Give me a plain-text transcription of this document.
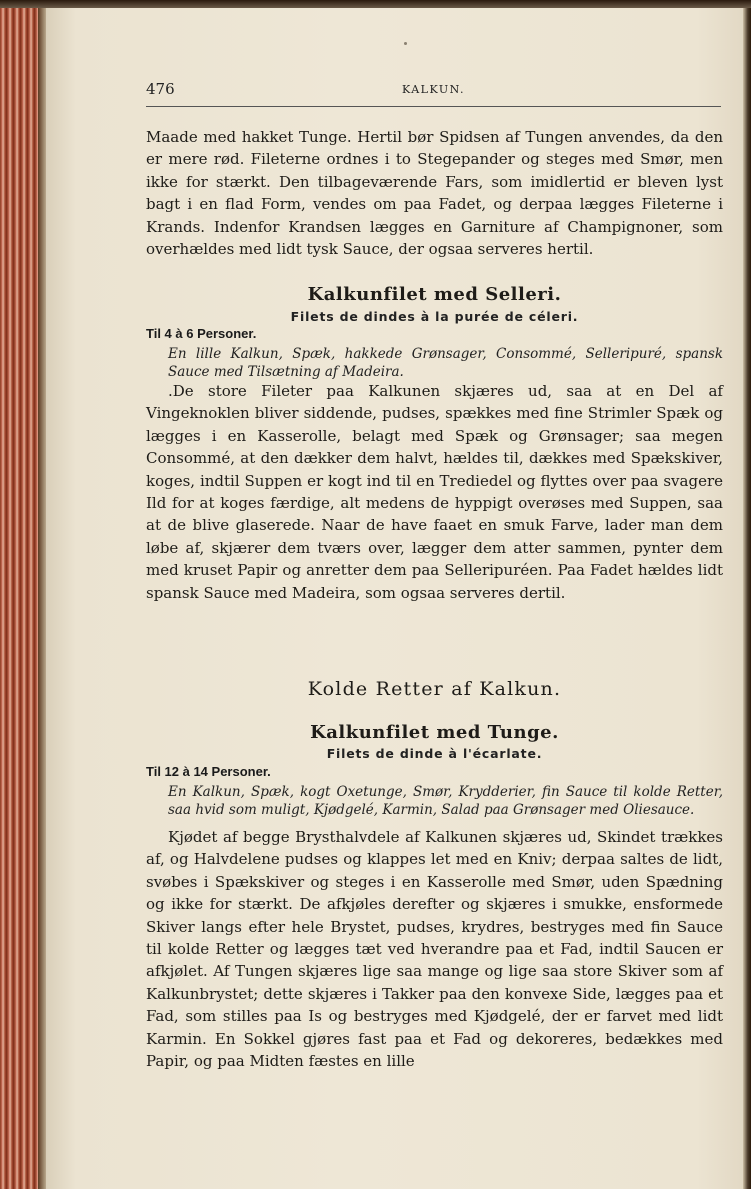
476	KALKUN.

Maade med hakket Tunge. Hertil bør Spidsen af Tungen anvendes, da den er mere rød. Fileterne ordnes i to Stegepander og steges med Smør, men ikke for stærkt. Den tilbageværende Fars, som imidlertid er bleven lyst bagt i en flad Form, vendes om paa Fadet, og derpaa lægges Fileterne i Krands. Indenfor Krandsen lægges en Garniture af Champignoner, som overhældes med lidt tysk Sauce, der ogsaa serveres hertil.

Kalkunfilet med Selleri.
Filets de dindes à la purée de céleri.
Til 4 à 6 Personer.

En lille Kalkun, Spæk, hakkede Grønsager, Consommé, Selleripuré, spansk Sauce med Tilsætning af Madeira.

.De store Fileter paa Kalkunen skjæres ud, saa at en Del af Vingeknoklen bliver siddende, pudses, spækkes med fine Strimler Spæk og lægges i en Kasserolle, belagt med Spæk og Grønsager; saa megen Consommé, at den dækker dem halvt, hældes til, dækkes med Spækskiver, koges, indtil Suppen er kogt ind til en Trediedel og flyttes over paa svagere Ild for at koges færdige, alt medens de hyppigt overøses med Suppen, saa at de blive glaserede. Naar de have faaet en smuk Farve, lader man dem løbe af, skjærer dem tværs over, lægger dem atter sammen, pynter dem med kruset Papir og anretter dem paa Selleripuréen. Paa Fadet hældes lidt spansk Sauce med Madeira, som ogsaa serveres dertil.

Kolde Retter af Kalkun.
Kalkunfilet med Tunge.
Filets de dinde à l'écarlate.
Til 12 à 14 Personer.

En Kalkun, Spæk, kogt Oxetunge, Smør, Krydderier, fin Sauce til kolde Retter, saa hvid som muligt, Kjødgelé, Karmin, Salad paa Grønsager med Oliesauce.

Kjødet af begge Brysthalvdele af Kalkunen skjæres ud, Skindet trækkes af, og Halvdelene pudses og klappes let med en Kniv; derpaa saltes de lidt, svøbes i Spækskiver og steges i en Kasserolle med Smør, uden Spædning og ikke for stærkt. De afkjøles derefter og skjæres i smukke, ensformede Skiver langs efter hele Brystet, pudses, krydres, bestryges med fin Sauce til kolde Retter og lægges tæt ved hverandre paa et Fad, indtil Saucen er afkjølet. Af Tungen skjæres lige saa mange og lige saa store Skiver som af Kalkunbrystet; dette skjæres i Takker paa den konvexe Side, lægges paa et Fad, som stilles paa Is og bestryges med Kjødgelé, der er farvet med lidt Karmin. En Sokkel gjøres fast paa et Fad og dekoreres, bedækkes med Papir, og paa Midten fæstes en lille
